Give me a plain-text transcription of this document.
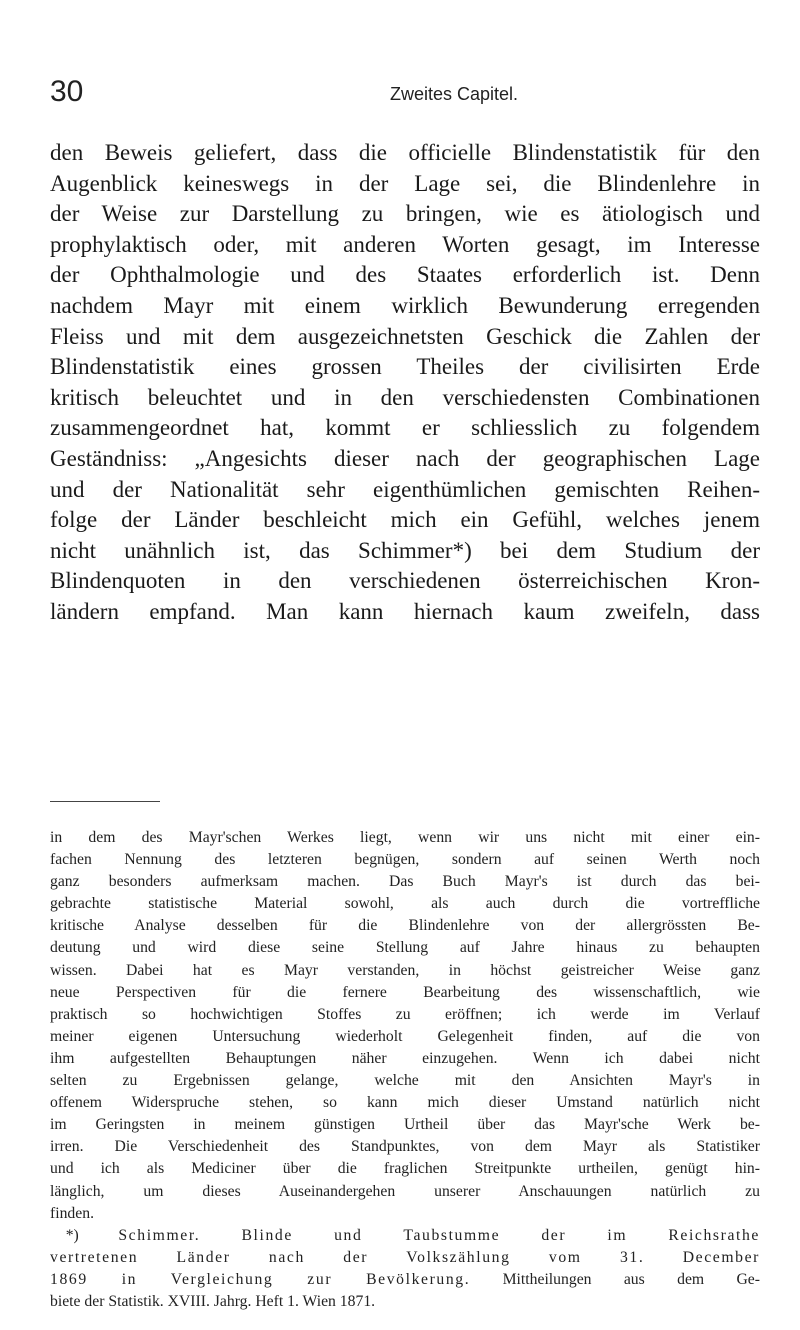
30	Zweites Capitel.
den Beweis geliefert, dass die officielle Blindenstatistik für den
Augenblick keineswegs in der Lage sei, die Blindenlehre in
der Weise zur Darstellung zu bringen, wie es ätiologisch und
prophylaktisch oder, mit anderen Worten gesagt, im Interesse
der Ophthalmologie und des Staates erforderlich ist. Denn
nachdem Mayr mit einem wirklich Bewunderung erregenden
Fleiss und mit dem ausgezeichnetsten Geschick die Zahlen der
Blindenstatistik eines grossen Theiles der civilisirten Erde
kritisch beleuchtet und in den verschiedensten Combinationen
zusammengeordnet hat, kommt er schliesslich zu folgendem
Geständniss: „Angesichts dieser nach der geographischen Lage
und der Nationalität sehr eigenthümlichen gemischten Reihen-
folge der Länder beschleicht mich ein Gefühl, welches jenem
nicht unähnlich ist, das Schimmer*) bei dem Studium der
Blindenquoten in den verschiedenen österreichischen Kron-
ländern empfand. Man kann hiernach kaum zweifeln, dass
in dem des Mayr'schen Werkes liegt, wenn wir uns nicht mit einer ein-
fachen Nennung des letzteren begnügen, sondern auf seinen Werth noch
ganz besonders aufmerksam machen. Das Buch Mayr's ist durch das bei-
gebrachte statistische Material sowohl, als auch durch die vortreffliche
kritische Analyse desselben für die Blindenlehre von der allergrössten Be-
deutung und wird diese seine Stellung auf Jahre hinaus zu behaupten
wissen. Dabei hat es Mayr verstanden, in höchst geistreicher Weise ganz
neue Perspectiven für die fernere Bearbeitung des wissenschaftlich, wie
praktisch so hochwichtigen Stoffes zu eröffnen; ich werde im Verlauf
meiner eigenen Untersuchung wiederholt Gelegenheit finden, auf die von
ihm aufgestellten Behauptungen näher einzugehen. Wenn ich dabei nicht
selten zu Ergebnissen gelange, welche mit den Ansichten Mayr's in
offenem Widerspruche stehen, so kann mich dieser Umstand natürlich nicht
im Geringsten in meinem günstigen Urtheil über das Mayr'sche Werk be-
irren. Die Verschiedenheit des Standpunktes, von dem Mayr als Statistiker
und ich als Mediciner über die fraglichen Streitpunkte urtheilen, genügt hin-
länglich, um dieses Auseinandergehen unserer Anschauungen natürlich zu
finden.
 *)	Schimmer. Blinde und Taubstumme der im Reichsrathe
vertretenen Länder nach der Volkszählung vom 31. December
1869 in Vergleichung zur Bevölkerung. Mittheilungen aus dem Ge-
biete der Statistik. XVIII. Jahrg. Heft 1. Wien 1871.
